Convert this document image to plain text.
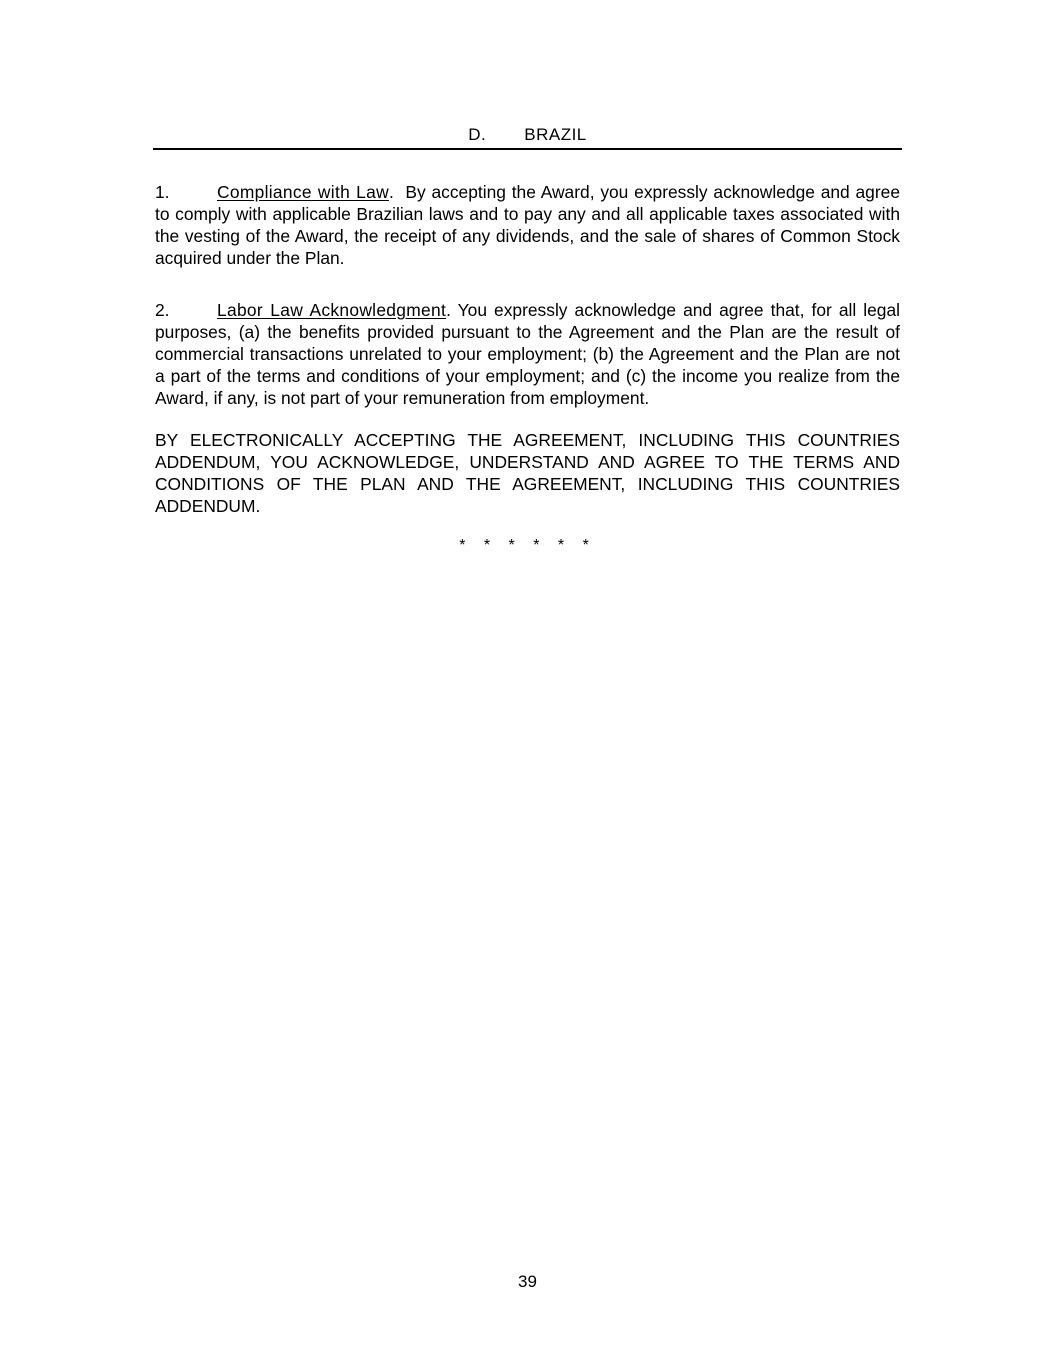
D. BRAZIL
1.	Compliance with Law.  By accepting the Award, you expressly acknowledge and agree to comply with applicable Brazilian laws and to pay any and all applicable taxes associated with the vesting of the Award, the receipt of any dividends, and the sale of shares of Common Stock acquired under the Plan.
2.	Labor Law Acknowledgment. You expressly acknowledge and agree that, for all legal purposes, (a) the benefits provided pursuant to the Agreement and the Plan are the result of commercial transactions unrelated to your employment; (b) the Agreement and the Plan are not a part of the terms and conditions of your employment; and (c) the income you realize from the Award, if any, is not part of your remuneration from employment.
BY ELECTRONICALLY ACCEPTING THE AGREEMENT, INCLUDING THIS COUNTRIES ADDENDUM, YOU ACKNOWLEDGE, UNDERSTAND AND AGREE TO THE TERMS AND CONDITIONS OF THE PLAN AND THE AGREEMENT, INCLUDING THIS COUNTRIES ADDENDUM.
* * * * * *
39
